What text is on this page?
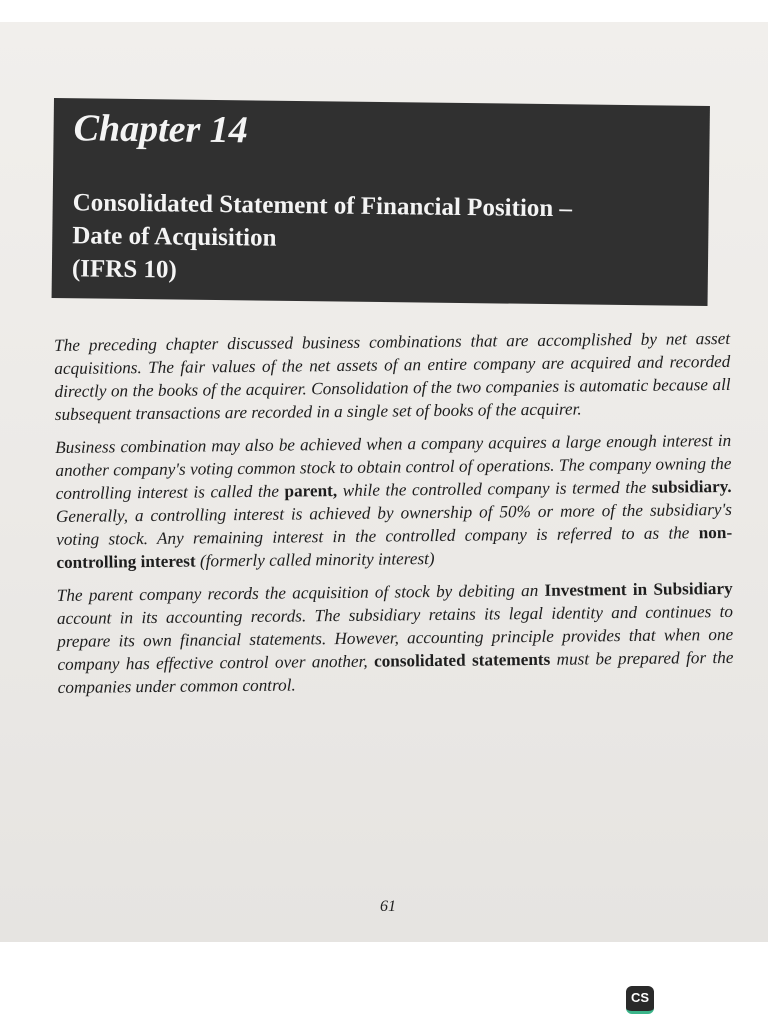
Chapter 14
Consolidated Statement of Financial Position –
Date of Acquisition
(IFRS 10)

The preceding chapter discussed business combinations that are accomplished by net asset acquisitions. The fair values of the net assets of an entire company are acquired and recorded directly on the books of the acquirer. Consolidation of the two companies is automatic because all subsequent transactions are recorded in a single set of books of the acquirer.

Business combination may also be achieved when a company acquires a large enough interest in another company's voting common stock to obtain control of operations. The company owning the controlling interest is called the parent, while the controlled company is termed the subsidiary. Generally, a controlling interest is achieved by ownership of 50% or more of the subsidiary's voting stock. Any remaining interest in the controlled company is referred to as the non-controlling interest (formerly called minority interest)

The parent company records the acquisition of stock by debiting an Investment in Subsidiary account in its accounting records. The subsidiary retains its legal identity and continues to prepare its own financial statements. However, accounting principle provides that when one company has effective control over another, consolidated statements must be prepared for the companies under common control.

61
CS
